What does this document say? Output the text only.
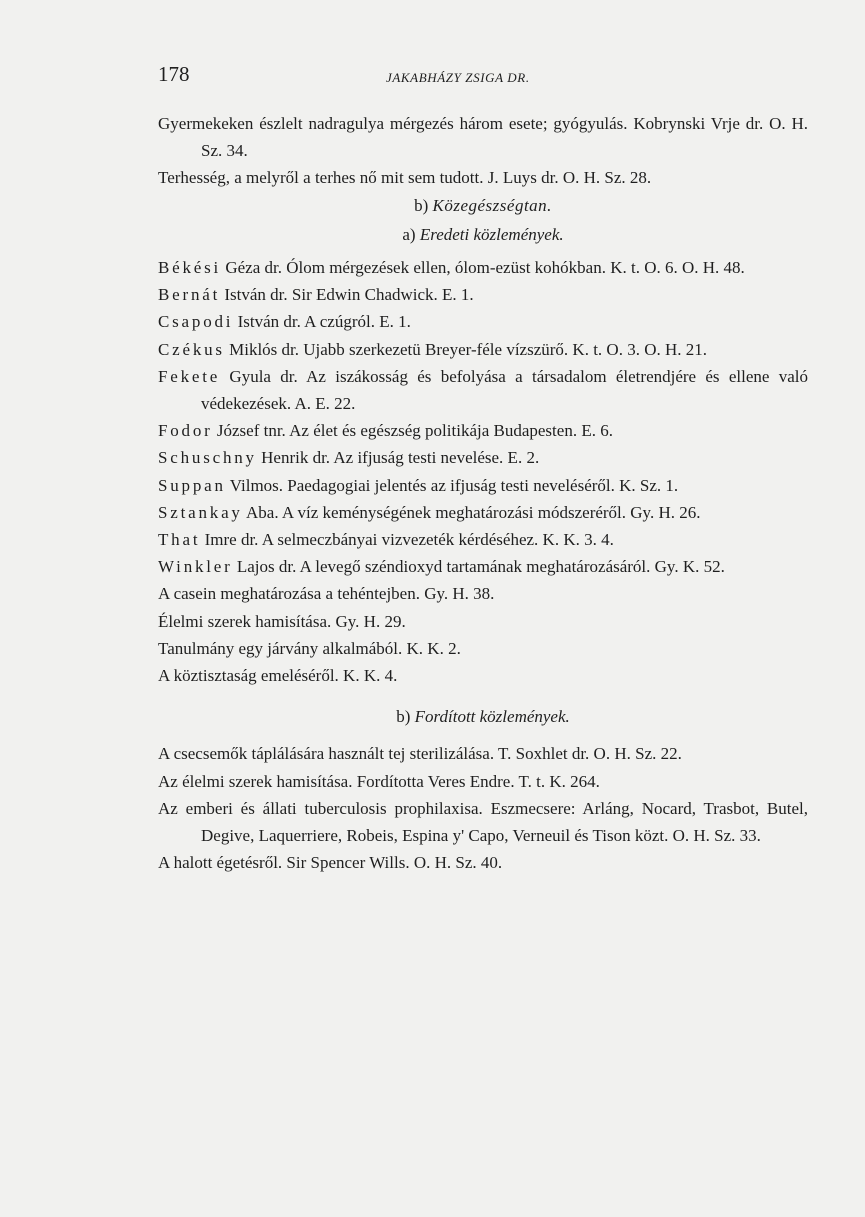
178	JAKABHÁZY ZSIGA DR.
Gyermekeken észlelt nadragulya mérgezés három esete; gyógyulás. Kobrynski Vrje dr. O. H. Sz. 34.
Terhesség, a melyről a terhes nő mit sem tudott. J. Luys dr. O. H. Sz. 28.
b) Közegészségtan.
a) Eredeti közlemények.
Békési Géza dr. Ólom mérgezések ellen, ólom-ezüst kohókban. K. t. O. 6. O. H. 48.
Bernát István dr. Sir Edwin Chadwick. E. 1.
Csapodi István dr. A czúgról. E. 1.
Czékus Miklós dr. Ujabb szerkezetü Breyer-féle vízszürő. K. t. O. 3. O. H. 21.
Fekete Gyula dr. Az iszákosság és befolyása a társadalom életrendjére és ellene való védekezések. A. E. 22.
Fodor József tnr. Az élet és egészség politikája Budapesten. E. 6.
Schuschny Henrik dr. Az ifjuság testi nevelése. E. 2.
Suppan Vilmos. Paedagogiai jelentés az ifjuság testi neveléséről. K. Sz. 1.
Sztankay Aba. A víz keménységének meghatározási módszeréről. Gy. H. 26.
That Imre dr. A selmeczbányai vizvezeték kérdéséhez. K. K. 3. 4.
Winkler Lajos dr. A levegő széndioxyd tartamának meghatározásáról. Gy. K. 52.
A casein meghatározása a tehéntejben. Gy. H. 38.
Élelmi szerek hamisítása. Gy. H. 29.
Tanulmány egy járvány alkalmából. K. K. 2.
A köztisztaság emeléséről. K. K. 4.
b) Fordított közlemények.
A csecsemők táplálására használt tej sterilizálása. T. Soxhlet dr. O. H. Sz. 22.
Az élelmi szerek hamisítása. Fordította Veres Endre. T. t. K. 264.
Az emberi és állati tuberculosis prophilaxisa. Eszmecsere: Arláng, Nocard, Trasbot, Butel, Degive, Laquerriere, Robeis, Espina y' Capo, Verneuil és Tison közt. O. H. Sz. 33.
A halott égetésről. Sir Spencer Wills. O. H. Sz. 40.
